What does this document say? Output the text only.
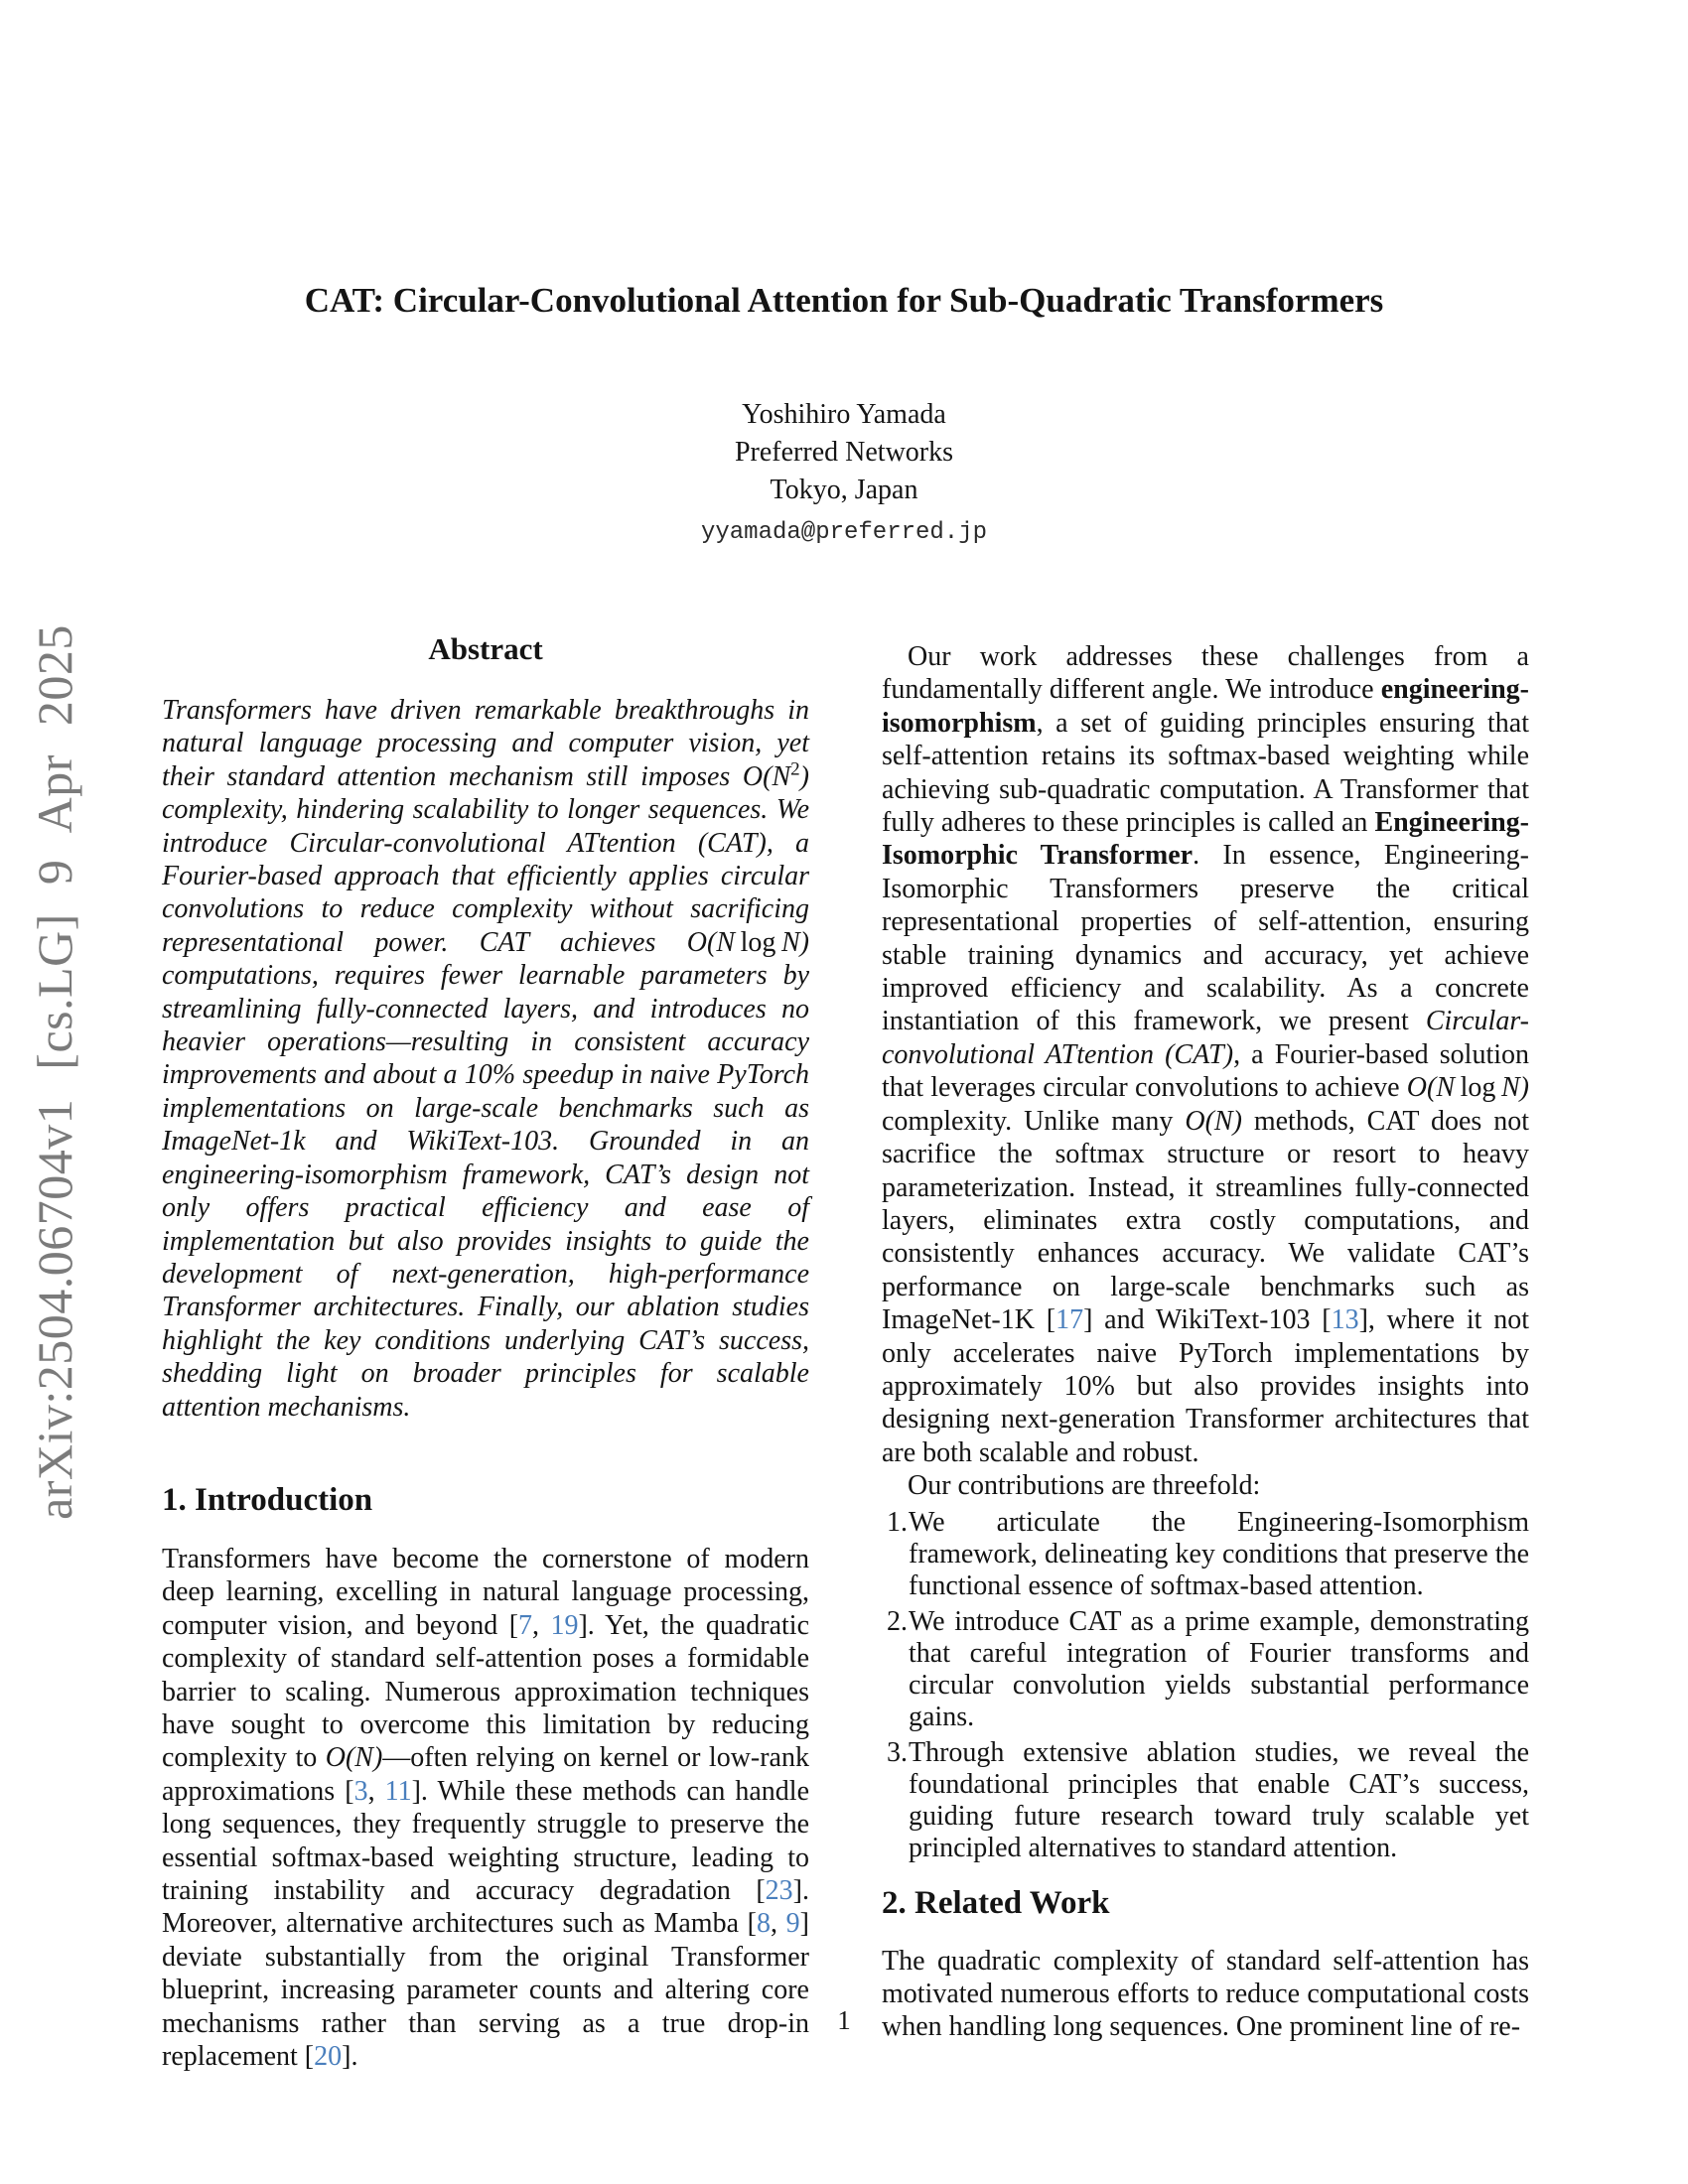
arXiv:2504.06704v1 [cs.LG] 9 Apr 2025
CAT: Circular-Convolutional Attention for Sub-Quadratic Transformers
Yoshihiro Yamada
Preferred Networks
Tokyo, Japan
yyamada@preferred.jp
Abstract

Transformers have driven remarkable breakthroughs in natural language processing and computer vision, yet their standard attention mechanism still imposes $O(N^2)$ complexity, hindering scalability to longer sequences. We introduce Circular-convolutional ATtention (CAT), a Fourier-based approach that efficiently applies circular convolutions to reduce complexity without sacrificing representational power. CAT achieves O(N log N) computations, requires fewer learnable parameters by streamlining fully-connected layers, and introduces no heavier operations—resulting in consistent accuracy improvements and about a 10% speedup in naive PyTorch implementations on large-scale benchmarks such as ImageNet-1k and WikiText-103. Grounded in an engineering-isomorphism framework, CAT’s design not only offers practical efficiency and ease of implementation but also provides insights to guide the development of next-generation, high-performance Transformer architectures. Finally, our ablation studies highlight the key conditions underlying CAT’s success, shedding light on broader principles for scalable attention mechanisms.

1. Introduction

Transformers have become the cornerstone of modern deep learning, excelling in natural language processing, computer vision, and beyond [7, 19]. Yet, the quadratic complexity of standard self-attention poses a formidable barrier to scaling. Numerous approximation techniques have sought to overcome this limitation by reducing complexity to O(N)—often relying on kernel or low-rank approximations [3, 11]. While these methods can handle long sequences, they frequently struggle to preserve the essential softmax-based weighting structure, leading to training instability and accuracy degradation [23]. Moreover, alternative architectures such as Mamba [8, 9] deviate substantially from the original Transformer blueprint, increasing parameter counts and altering core mechanisms rather than serving as a true drop-in replacement [20].

Our work addresses these challenges from a fundamentally different angle. We introduce engineering-isomorphism, a set of guiding principles ensuring that self-attention retains its softmax-based weighting while achieving sub-quadratic computation. A Transformer that fully adheres to these principles is called an Engineering-Isomorphic Transformer. In essence, Engineering-Isomorphic Transformers preserve the critical representational properties of self-attention, ensuring stable training dynamics and accuracy, yet achieve improved efficiency and scalability. As a concrete instantiation of this framework, we present Circular-convolutional ATtention (CAT), a Fourier-based solution that leverages circular convolutions to achieve O(N log N) complexity. Unlike many O(N) methods, CAT does not sacrifice the softmax structure or resort to heavy parameterization. Instead, it streamlines fully-connected layers, eliminates extra costly computations, and consistently enhances accuracy. We validate CAT’s performance on large-scale benchmarks such as ImageNet-1K [17] and WikiText-103 [13], where it not only accelerates naive PyTorch implementations by approximately 10% but also provides insights into designing next-generation Transformer architectures that are both scalable and robust.

Our contributions are threefold:

1. We articulate the Engineering-Isomorphism framework, delineating key conditions that preserve the functional essence of softmax-based attention.
2. We introduce CAT as a prime example, demonstrating that careful integration of Fourier transforms and circular convolution yields substantial performance gains.
3. Through extensive ablation studies, we reveal the foundational principles that enable CAT’s success, guiding future research toward truly scalable yet principled alternatives to standard attention.
2. Related Work

The quadratic complexity of standard self-attention has motivated numerous efforts to reduce computational costs when handling long sequences. One prominent line of re-

1
